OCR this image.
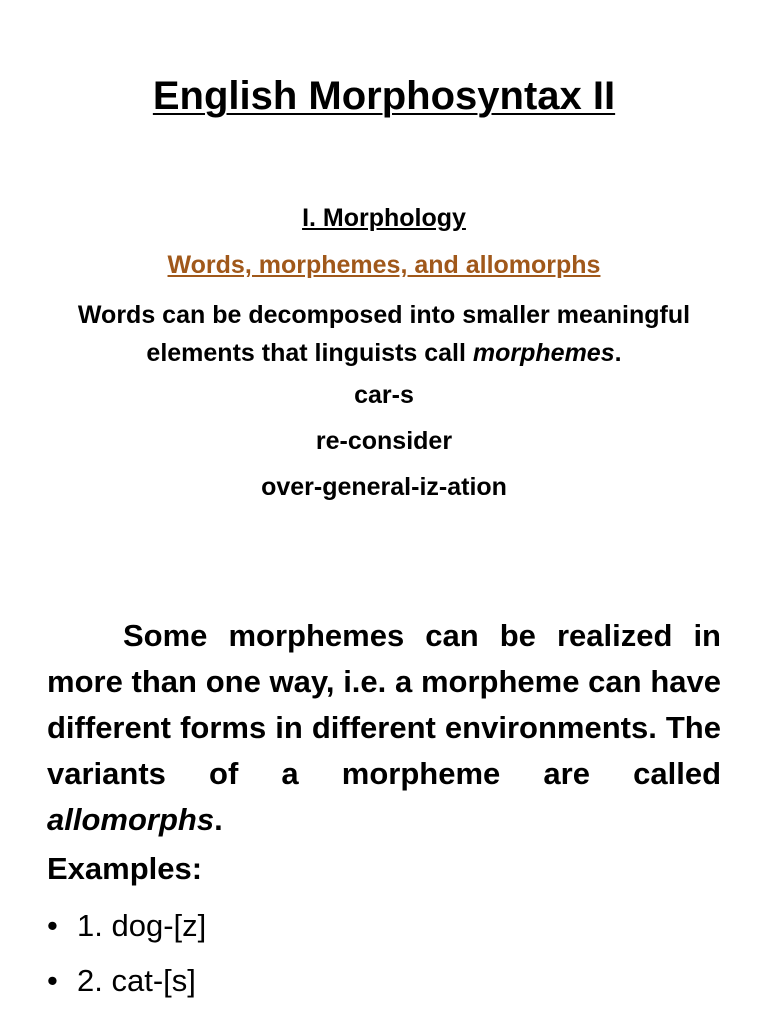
English Morphosyntax II
I. Morphology
Words, morphemes, and allomorphs
Words can be decomposed into smaller meaningful elements that linguists call morphemes.
car-s
re-consider
over-general-iz-ation
Some morphemes can be realized in more than one way, i.e. a morpheme can have different forms in different environments. The variants of a morpheme are called allomorphs.
Examples:
• 1. dog-[z]
• 2. cat-[s]
